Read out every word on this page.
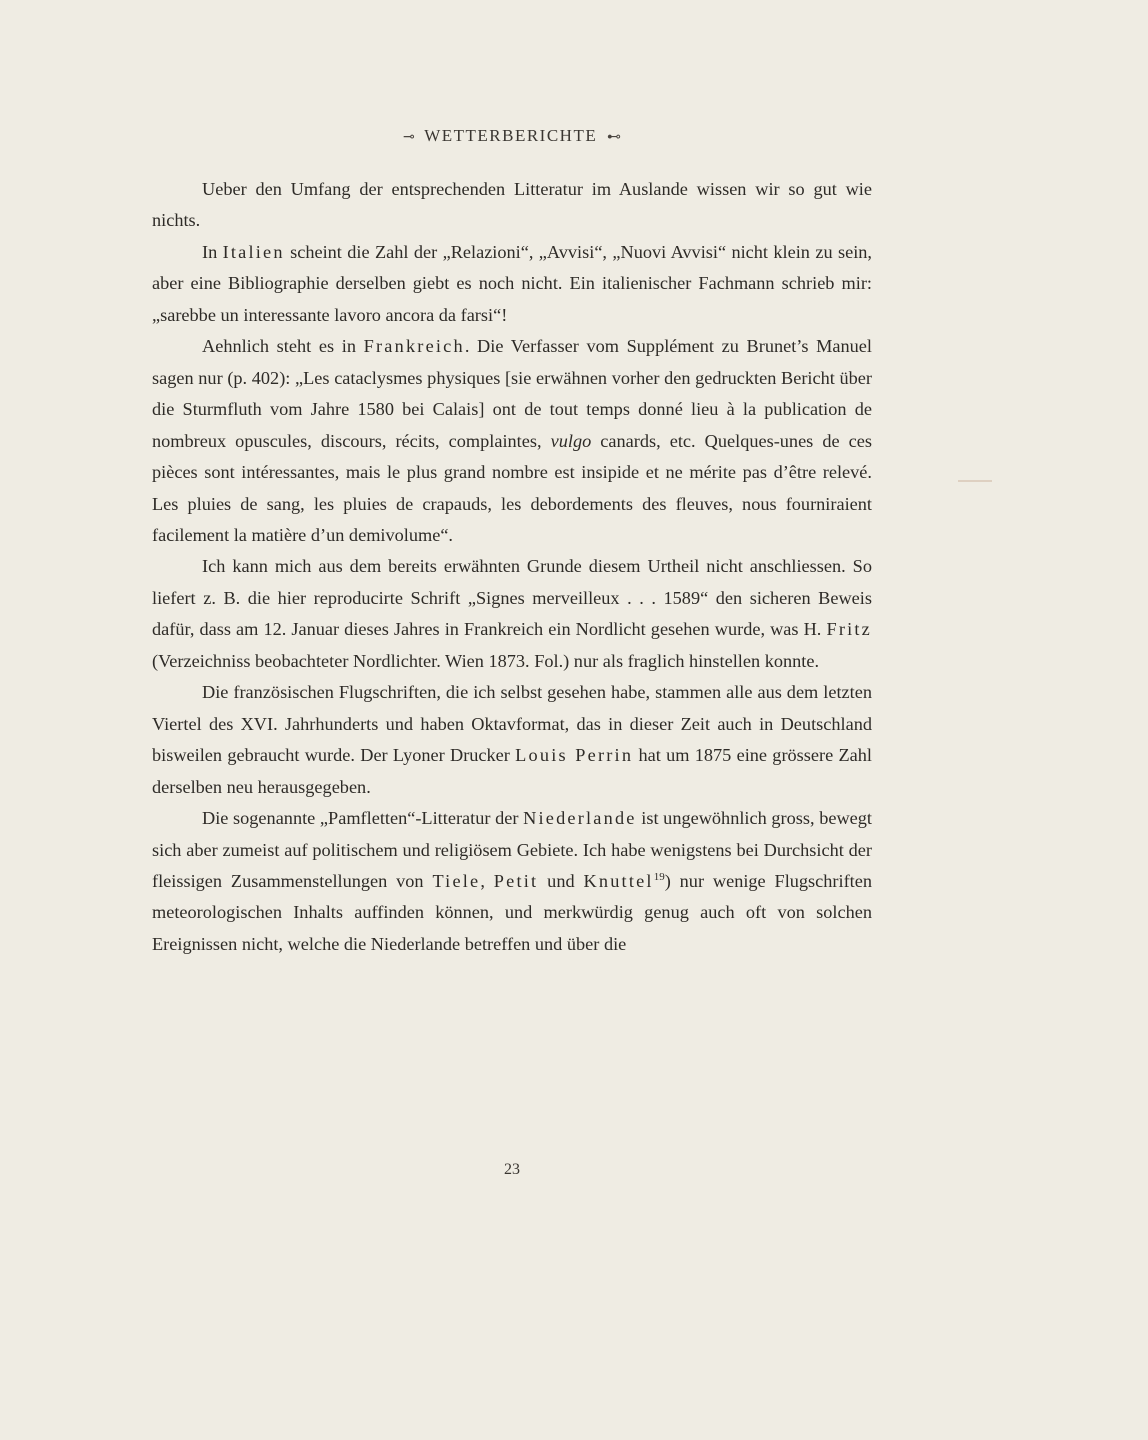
⊸ WETTERBERICHTE ⊷

Ueber den Umfang der entsprechenden Litteratur im Auslande wissen wir so gut wie nichts.

In Italien scheint die Zahl der „Relazioni“, „Avvisi“, „Nuovi Avvisi“ nicht klein zu sein, aber eine Bibliographie derselben giebt es noch nicht. Ein italienischer Fachmann schrieb mir: „sarebbe un interessante lavoro ancora da farsi“!

Aehnlich steht es in Frankreich. Die Verfasser vom Supplément zu Brunet’s Manuel sagen nur (p. 402): „Les cataclysmes physiques [sie erwähnen vorher den gedruckten Bericht über die Sturmfluth vom Jahre 1580 bei Calais] ont de tout temps donné lieu à la publication de nombreux opuscules, discours, récits, complaintes, vulgo canards, etc. Quelques-unes de ces pièces sont intéressantes, mais le plus grand nombre est insipide et ne mérite pas d’être relevé. Les pluies de sang, les pluies de crapauds, les debordements des fleuves, nous fourniraient facilement la matière d’un demivolume“.

Ich kann mich aus dem bereits erwähnten Grunde diesem Urtheil nicht anschliessen. So liefert z. B. die hier reproducirte Schrift „Signes merveilleux . . . 1589“ den sicheren Beweis dafür, dass am 12. Januar dieses Jahres in Frankreich ein Nordlicht gesehen wurde, was H. Fritz (Verzeichniss beobachteter Nordlichter. Wien 1873. Fol.) nur als fraglich hinstellen konnte.

Die französischen Flugschriften, die ich selbst gesehen habe, stammen alle aus dem letzten Viertel des XVI. Jahrhunderts und haben Oktavformat, das in dieser Zeit auch in Deutschland bisweilen gebraucht wurde. Der Lyoner Drucker Louis Perrin hat um 1875 eine grössere Zahl derselben neu herausgegeben.

Die sogenannte „Pamfletten“-Litteratur der Niederlande ist ungewöhnlich gross, bewegt sich aber zumeist auf politischem und religiösem Gebiete. Ich habe wenigstens bei Durchsicht der fleissigen Zusammenstellungen von Tiele, Petit und Knuttel$^{19}$) nur wenige Flugschriften meteorologischen Inhalts auffinden können, und merkwürdig genug auch oft von solchen Ereignissen nicht, welche die Niederlande betreffen und über die

23
